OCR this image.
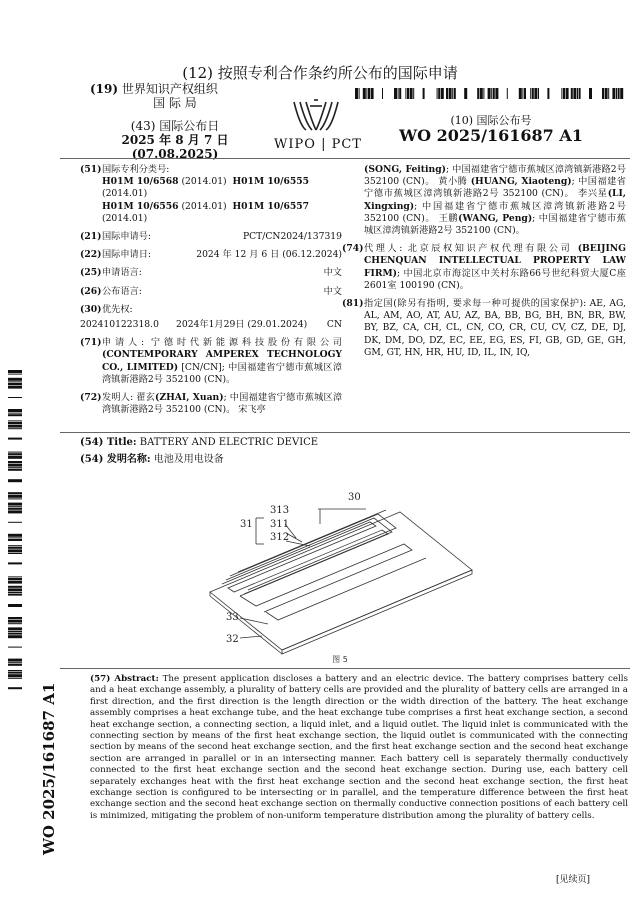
(12) 按照专利合作条约所公布的国际申请
(19) 世界知识产权组织
国 际 局
(43) 国际公布日
2025 年 8 月 7 日 (07.08.2025)
WIPO | PCT
(10) 国际公布号
WO 2025/161687 A1
(51) 国际专利分类号:
H01M 10/6568 (2014.01) H01M 10/6555 (2014.01)
H01M 10/6556 (2014.01) H01M 10/6557 (2014.01)
(21) 国际申请号:	PCT/CN2024/137319
(22) 国际申请日:	2024 年 12 月 6 日 (06.12.2024)
(25) 申请语言:	中文
(26) 公布语言:	中文
(30) 优先权:
202410122318.0	2024年1月29日 (29.01.2024)	CN
(71) 申请人: 宁德时代新能源科技股份有限公司 (CONTEMPORARY AMPEREX TECHNOLOGY CO., LIMITED) [CN/CN]; 中国福建省宁德市蕉城区漳湾镇新港路2号 352100 (CN)。
(72) 发明人: 翟玄(ZHAI, Xuan); 中国福建省宁德市蕉城区漳湾镇新港路2号 352100 (CN)。 宋飞亭
(SONG, Feiting); 中国福建省宁德市蕉城区漳湾镇新港路2号 352100 (CN)。 黄小腾 (HUANG, Xiaoteng); 中国福建省宁德市蕉城区漳湾镇新港路2号 352100 (CN)。 李兴星(LI, Xingxing); 中国福建省宁德市蕉城区漳湾镇新港路2号 352100 (CN)。 王鹏(WANG, Peng); 中国福建省宁德市蕉城区漳湾镇新港路2号 352100 (CN)。
(74) 代理人: 北京辰权知识产权代理有限公司 (BEIJING CHENQUAN INTELLECTUAL PROPERTY LAW FIRM); 中国北京市海淀区中关村东路66号世纪科贸大厦C座2601室 100190 (CN)。
(81) 指定国(除另有指明, 要求每一种可提供的国家保护): AE, AG, AL, AM, AO, AT, AU, AZ, BA, BB, BG, BH, BN, BR, BW, BY, BZ, CA, CH, CL, CN, CO, CR, CU, CV, CZ, DE, DJ, DK, DM, DO, DZ, EC, EE, EG, ES, FI, GB, GD, GE, GH, GM, GT, HN, HR, HU, ID, IL, IN, IQ,
(54) Title: BATTERY AND ELECTRIC DEVICE
(54) 发明名称: 电池及用电设备
30
313
311
312
31
33
32
图 5
(57) Abstract: The present application discloses a battery and an electric device. The battery comprises battery cells and a heat exchange assembly, a plurality of battery cells are provided and the plurality of battery cells are arranged in a first direction, and the first direction is the length direction or the width direction of the battery. The heat exchange assembly comprises a heat exchange tube, and the heat exchange tube comprises a first heat exchange section, a second heat exchange section, a connecting section, a liquid inlet, and a liquid outlet. The liquid inlet is communicated with the connecting section by means of the first heat exchange section, the liquid outlet is communicated with the connecting section by means of the second heat exchange section, and the first heat exchange section and the second heat exchange section are arranged in parallel or in an intersecting manner. Each battery cell is separately thermally conductively connected to the first heat exchange section and the second heat exchange section. During use, each battery cell separately exchanges heat with the first heat exchange section and the second heat exchange section, the first heat exchange section is configured to be intersecting or in parallel, and the temperature difference between the first heat exchange section and the second heat exchange section on thermally conductive connection positions of each battery cell is minimized, mitigating the problem of non-uniform temperature distribution among the plurality of battery cells.
WO 2025/161687 A1
[见续页]
